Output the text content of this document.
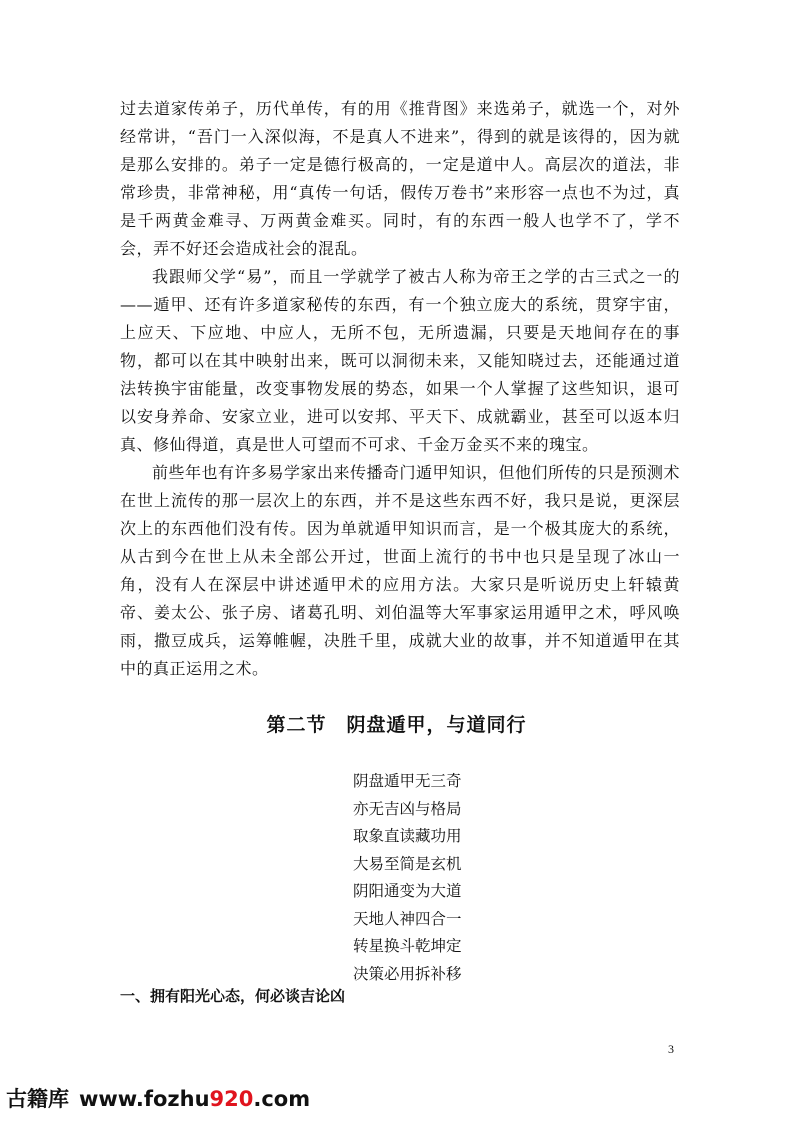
过去道家传弟子，历代单传，有的用《推背图》来选弟子，就选一个，对外经常讲，“吾门一入深似海，不是真人不进来”，得到的就是该得的，因为就是那么安排的。弟子一定是德行极高的，一定是道中人。高层次的道法，非常珍贵，非常神秘，用“真传一句话，假传万卷书”来形容一点也不为过，真是千两黄金难寻、万两黄金难买。同时，有的东西一般人也学不了，学不会，弄不好还会造成社会的混乱。

我跟师父学“易”，而且一学就学了被古人称为帝王之学的古三式之一的——遁甲、还有许多道家秘传的东西，有一个独立庞大的系统，贯穿宇宙，上应天、下应地、中应人，无所不包，无所遗漏，只要是天地间存在的事物，都可以在其中映射出来，既可以洞彻未来，又能知晓过去，还能通过道法转换宇宙能量，改变事物发展的势态，如果一个人掌握了这些知识，退可以安身养命、安家立业，进可以安邦、平天下、成就霸业，甚至可以返本归真、修仙得道，真是世人可望而不可求、千金万金买不来的瑰宝。

前些年也有许多易学家出来传播奇门遁甲知识，但他们所传的只是预测术在世上流传的那一层次上的东西，并不是这些东西不好，我只是说，更深层次上的东西他们没有传。因为单就遁甲知识而言，是一个极其庞大的系统，从古到今在世上从未全部公开过，世面上流行的书中也只是呈现了冰山一角，没有人在深层中讲述遁甲术的应用方法。大家只是听说历史上轩辕黄帝、姜太公、张子房、诸葛孔明、刘伯温等大军事家运用遁甲之术，呼风唤雨，撒豆成兵，运筹帷幄，决胜千里，成就大业的故事，并不知道遁甲在其中的真正运用之术。

第二节　阴盘遁甲，与道同行
阴盘遁甲无三奇
亦无吉凶与格局
取象直读藏功用
大易至简是玄机
阴阳通变为大道
天地人神四合一
转星换斗乾坤定
决策必用拆补移
一、拥有阳光心态，何必谈吉论凶
3
古籍库 www.fozhu920.com
